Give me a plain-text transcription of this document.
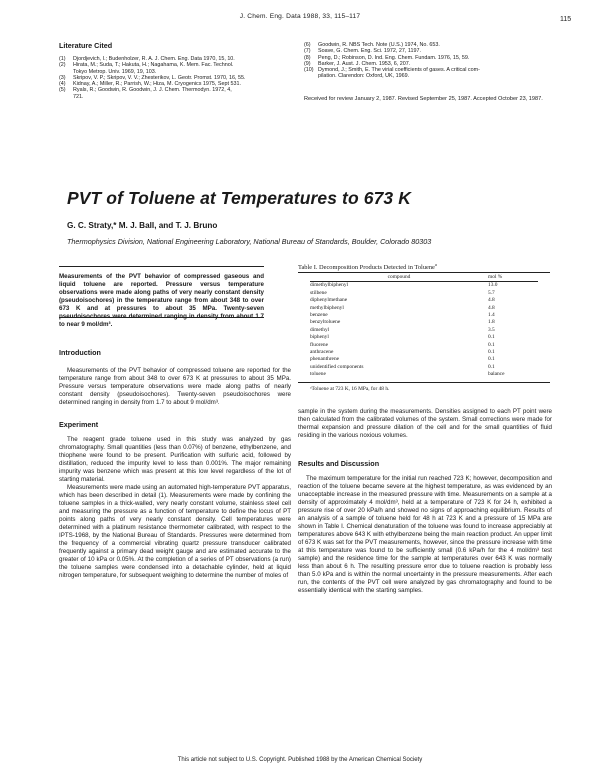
J. Chem. Eng. Data 1988, 33, 115–117	115
Literature Cited
(1)	Djordjevich, I.; Budenholzer, R. A. J. Chem. Eng. Data 1970, 15, 10.
(2)	Hirata, M.; Suda, T.; Hakuta, H.; Nagahama, K. Mem. Fac. Technol.
Tokyo Metrop. Univ. 1969, 19, 103.
(3)	Skripov, V. P.; Skripov, V. V.; Zhesterikov, L. Geotr. Promst. 1970, 16, 55.
(4)	Kidnay, A.; Miller, R.; Parrish, W.; Hiza, M. Cryogenics 1975, Sept 531.
(5)	Ryals, R.; Goodwin, R. Goodwin, J. J. Chem. Thermodyn. 1972, 4,
721.
(6)	Goodwin, R. NBS Tech. Note (U.S.) 1974, No. 653.
(7)	Soave, G. Chem. Eng. Sci. 1972, 27, 1197.
(8)	Peng, D.; Robinson, D. Ind. Eng. Chem. Fundam. 1976, 15, 59.
(9)	Barker, J. Aust. J. Chem. 1953, 6, 207.
(10) Dymond, J.; Smith, E. The virial coefficients of gases. A critical com-
pilation. Clarendon: Oxford, UK, 1969.
Received for review January 2, 1987. Revised September 25, 1987. Accepted October 23, 1987.
PVT of Toluene at Temperatures to 673 K
G. C. Straty,* M. J. Ball, and T. J. Bruno
Thermophysics Division, National Engineering Laboratory, National Bureau of Standards, Boulder, Colorado 80303
Measurements of the PVT behavior of compressed gaseous and liquid toluene are reported. Pressure versus temperature observations were made along paths of very nearly constant density (pseudoisochores) in the temperature range from about 348 to over 673 K and at pressures to about 35 MPa. Twenty-seven to near 9 mol/dm³.
Introduction

Measurements of the PVT behavior of compressed toluene are reported for the temperature range from about 348 to over 673 K at pressures to about 35 MPa. Pressure versus temperature observations were made along paths of nearly constant density (pseudoisochores). Twenty-seven pseudoisochores were determined ranging in density from 1.7 to about 9 mol/dm³.

Experiment

The reagent grade toluene used in this study was analyzed by gas chromatography. Small quantities (less than 0.07%) of benzene, ethylbenzene, and thiophene were found to be present. Purification with sulfuric acid, followed by distillation, reduced the impurity level to less than 0.001%. The major remaining impurity was benzene which was present at this low level regardless of the lot of starting material.

Measurements were made using an automated high-temperature PVT apparatus, which has been described in detail (1). Measurements were made by confining the toluene samples in a thick-walled, very nearly constant volume, stainless steel cell and measuring the pressure as a function of temperature to define the locus of PT points along paths of very nearly constant density. Cell temperatures were determined with a platinum resistance thermometer calibrated, with respect to the IPTS-1968, by the National Bureau of Standards. Pressures were determined from the frequency of a commercial vibrating quartz pressure transducer calibrated frequently against a primary dead weight gauge and are estimated accurate to the greater of 10 kPa or 0.05%. At the completion of a series of PT observations (a run) the toluene samples were condensed into a detachable cylinder, held at liquid nitrogen temperature, for subsequent weighing to determine the number of moles of

Table I. Decomposition Products Detected in Toluene$^a$
compound	mol %
dimethylbiphenyl	13.0
stilbene	5.7
diphenylmethane	4.8
methylbiphenyl	4.8
benzene	1.4
benzyltoluene	1.8
dimethyl	3.5
biphenyl	0.1
fluorene	0.1
anthracene	0.1
phenanthrene	0.1
unidentified components	0.1
toluene	balance
ᵃToluene at 723 K, 16 MPa, for 48 h.

sample in the system during the measurements. Densities assigned to each PT point were then calculated from the calibrated volumes of the system. Small corrections were made for thermal expansion and pressure dilation of the cell and for the small quantities of fluid residing in the various noxious volumes.

Results and Discussion

The maximum temperature for the initial run reached 723 K; however, decomposition and reaction of the toluene became severe at the highest temperature, as was evidenced by an unacceptable increase in the measured pressure with time. Measurements on a sample at a density of approximately 4 mol/dm³, held at a temperature of 723 K for 24 h, exhibited a pressure rise of over 20 kPa/h and showed no signs of approaching equilibrium. Results of an analysis of a sample of toluene held for 48 h at 723 K and a pressure of 15 MPa are shown in Table I. Chemical denaturation of the toluene was found to increase appreciably at temperatures above 643 K with ethylbenzene being the main reaction product. An upper limit of 673 K was set for the PVT measurements, however, since the pressure increase with time at this temperature was found to be sufficiently small (0.6 kPa/h for the 4 mol/dm³ test sample) and the residence time for the sample at temperatures over 643 K was normally less than about 6 h. The resulting pressure error due to toluene reaction is probably less than 5.0 kPa and is within the normal uncertainty in the pressure measurements. After each run, the contents of the PVT cell were analyzed by gas chromatography and found to be essentially identical with the starting samples.

This article not subject to U.S. Copyright. Published 1988 by the American Chemical Society
